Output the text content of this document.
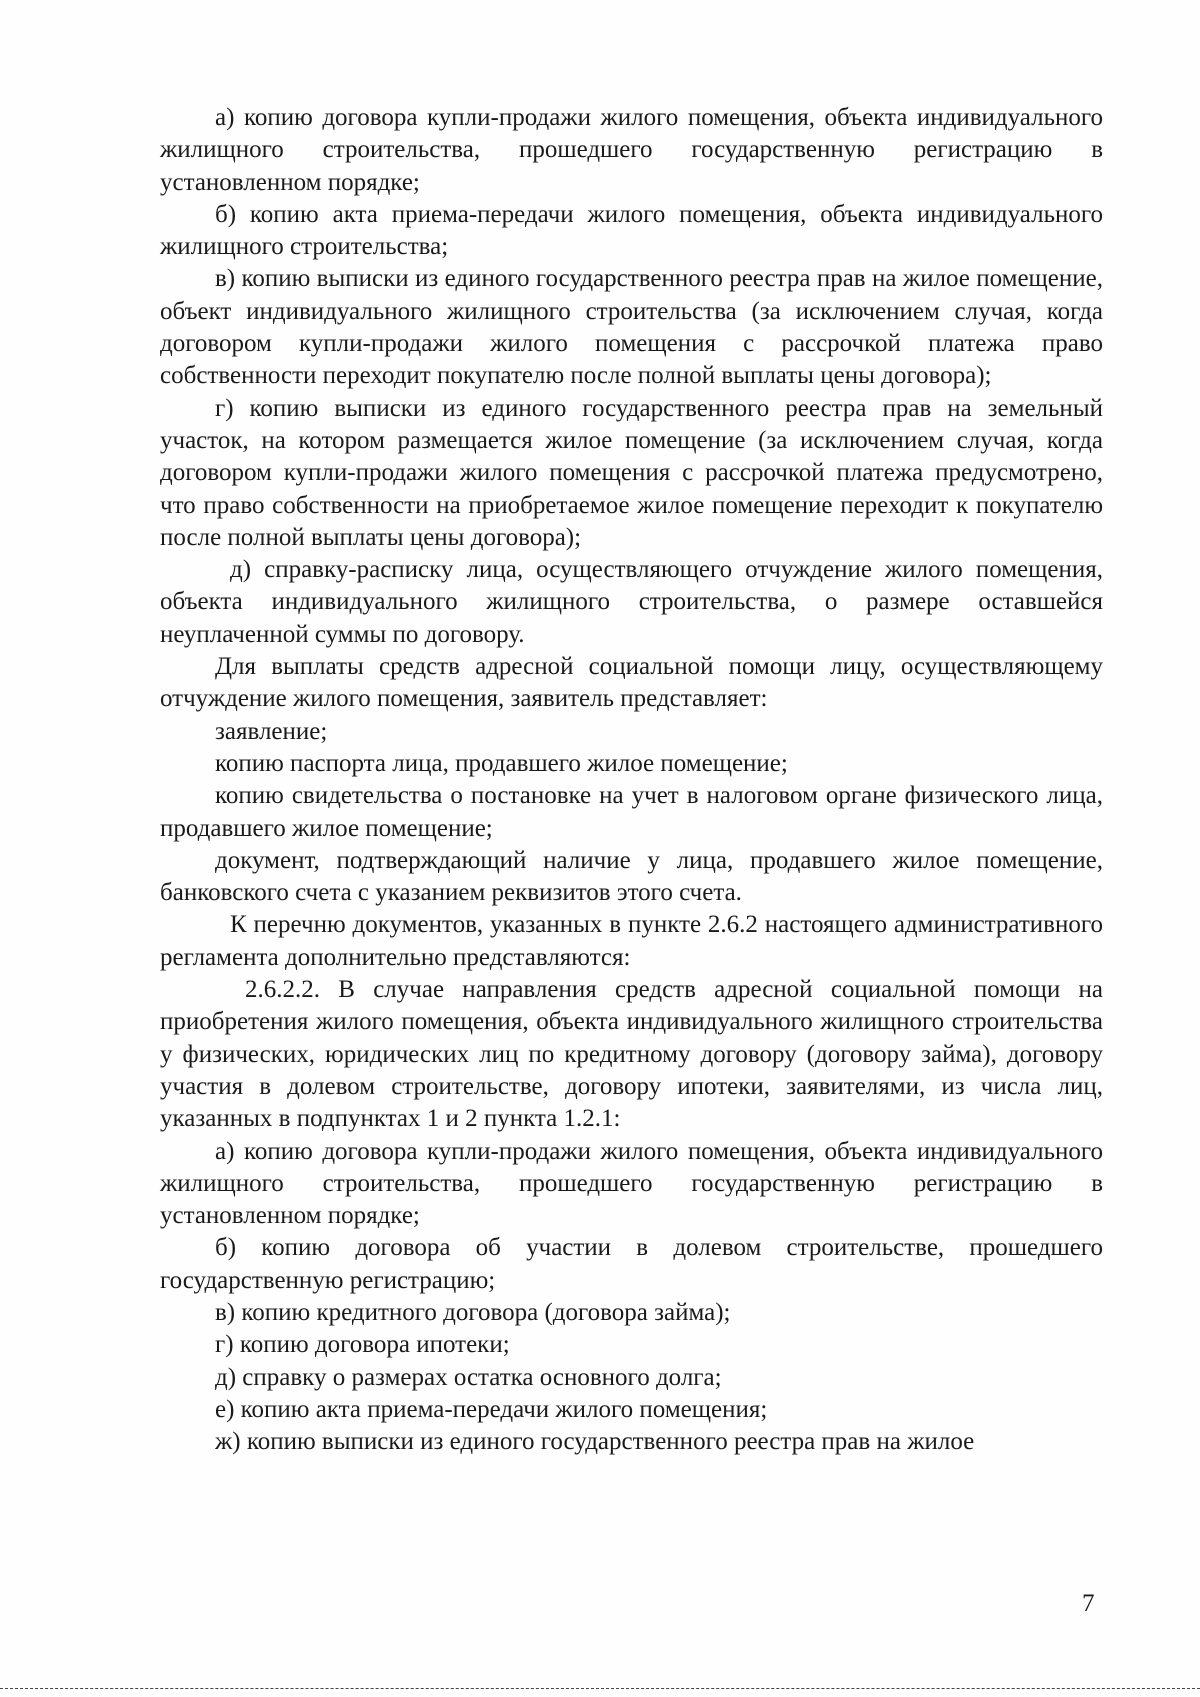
а) копию договора купли-продажи жилого помещения, объекта индивидуального жилищного строительства, прошедшего государственную регистрацию в установленном порядке;

б) копию акта приема-передачи жилого помещения, объекта индивидуального жилищного строительства;

в) копию выписки из единого государственного реестра прав на жилое помещение, объект индивидуального жилищного строительства (за исключением случая, когда договором купли-продажи жилого помещения с рассрочкой платежа право собственности переходит покупателю после полной выплаты цены договора);

г) копию выписки из единого государственного реестра прав на земельный участок, на котором размещается жилое помещение (за исключением случая, когда договором купли-продажи жилого помещения с рассрочкой платежа предусмотрено, что право собственности на приобретаемое жилое помещение переходит к покупателю после полной выплаты цены договора);

д) справку-расписку лица, осуществляющего отчуждение жилого помещения, объекта индивидуального жилищного строительства, о размере оставшейся неуплаченной суммы по договору.

Для выплаты средств адресной социальной помощи лицу, осуществляющему отчуждение жилого помещения, заявитель представляет:

заявление;

копию паспорта лица, продавшего жилое помещение;

копию свидетельства о постановке на учет в налоговом органе физического лица, продавшего жилое помещение;

документ, подтверждающий наличие у лица, продавшего жилое помещение, банковского счета с указанием реквизитов этого счета.

К перечню документов, указанных в пункте 2.6.2 настоящего административного регламента дополнительно представляются:

2.6.2.2. В случае направления средств адресной социальной помощи на приобретения жилого помещения, объекта индивидуального жилищного строительства у физических, юридических лиц по кредитному договору (договору займа), договору участия в долевом строительстве, договору ипотеки, заявителями, из числа лиц, указанных в подпунктах 1 и 2 пункта 1.2.1:

а) копию договора купли-продажи жилого помещения, объекта индивидуального жилищного строительства, прошедшего государственную регистрацию в установленном порядке;

б) копию договора об участии в долевом строительстве, прошедшего государственную регистрацию;

в) копию кредитного договора (договора займа);

г) копию договора ипотеки;

д) справку о размерах остатка основного долга;

е) копию акта приема-передачи жилого помещения;

ж) копию выписки из единого государственного реестра прав на жилое

7
